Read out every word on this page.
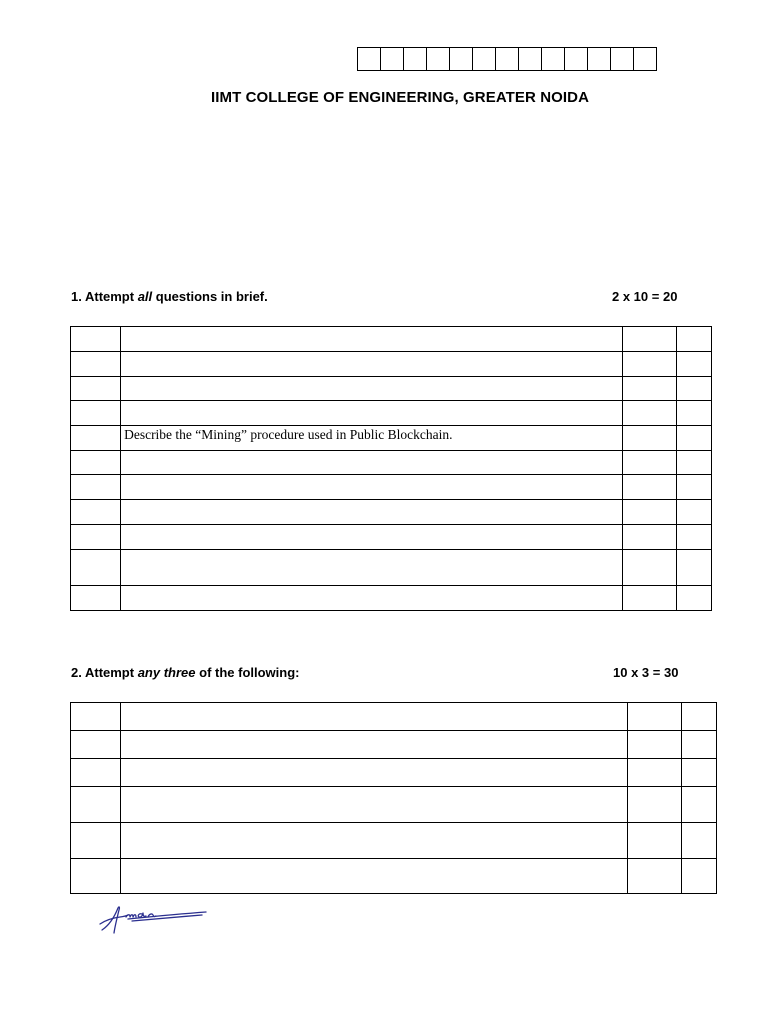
IIMT COLLEGE OF ENGINEERING, GREATER NOIDA
1. Attempt all questions in brief.	2 x 10 = 20

	Describe the “Mining” procedure used in Public Blockchain.		

2. Attempt any three of the following:	10 x 3 = 30
